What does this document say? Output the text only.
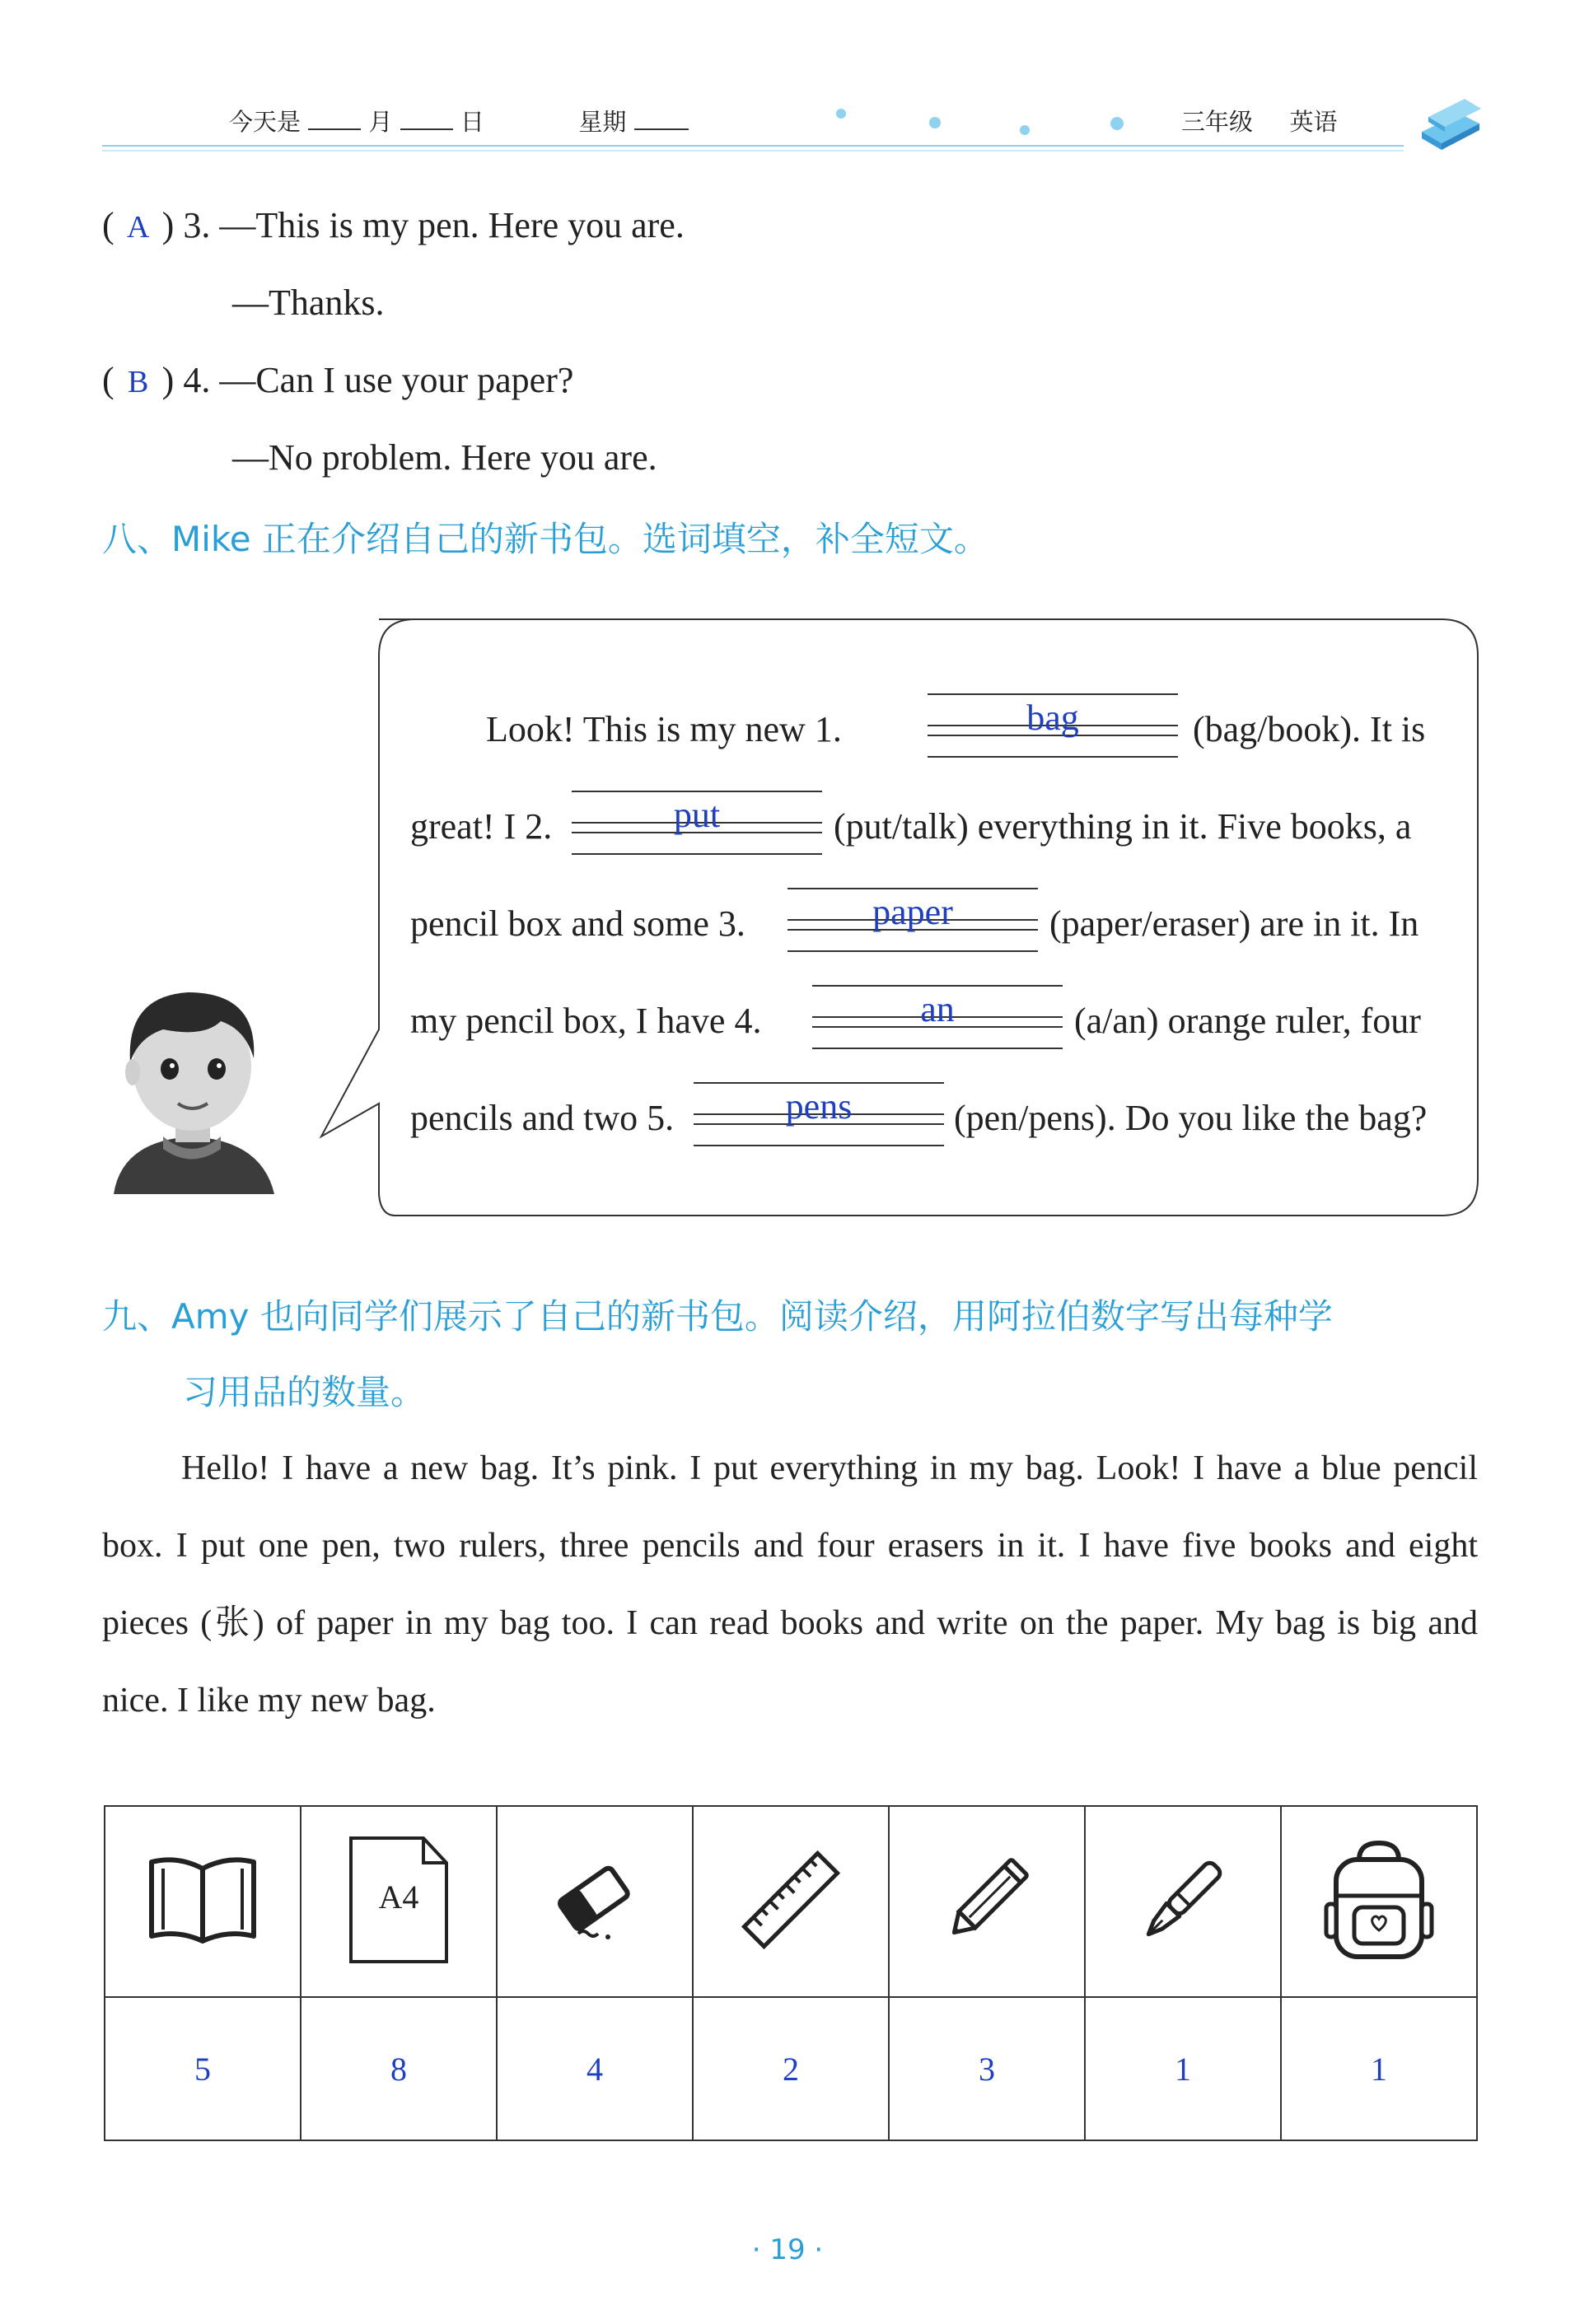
今天是	月	日	星期	三年级 英语
( A ) 3. —This is my pen. Here you are.
—Thanks.
( B ) 4. —Can I use your paper?
—No problem. Here you are.
八、Mike 正在介绍自己的新书包。选词填空，补全短文。
Look! This is my new 1.	bag	(bag/book). It is
great! I 2.	put	(put/talk) everything in it. Five books, a
pencil box and some 3.	paper	(paper/eraser) are in it. In
my pencil box, I have 4.	an	(a/an) orange ruler, four
pencils and two 5.	pens	(pen/pens). Do you like the bag?
九、Amy 也向同学们展示了自己的新书包。阅读介绍，用阿拉伯数字写出每种学
习用品的数量。
Hello! I have a new bag. It’s pink. I put everything in my bag. Look! I have a blue pencil box. I put one pen, two rulers, three pencils and four erasers in it. I have five books and eight pieces (张) of paper in my bag too. I can read books and write on the paper. My bag is big and nice. I like my new bag.

A4

5	8	4	2	3	1	1
· 19 ·
